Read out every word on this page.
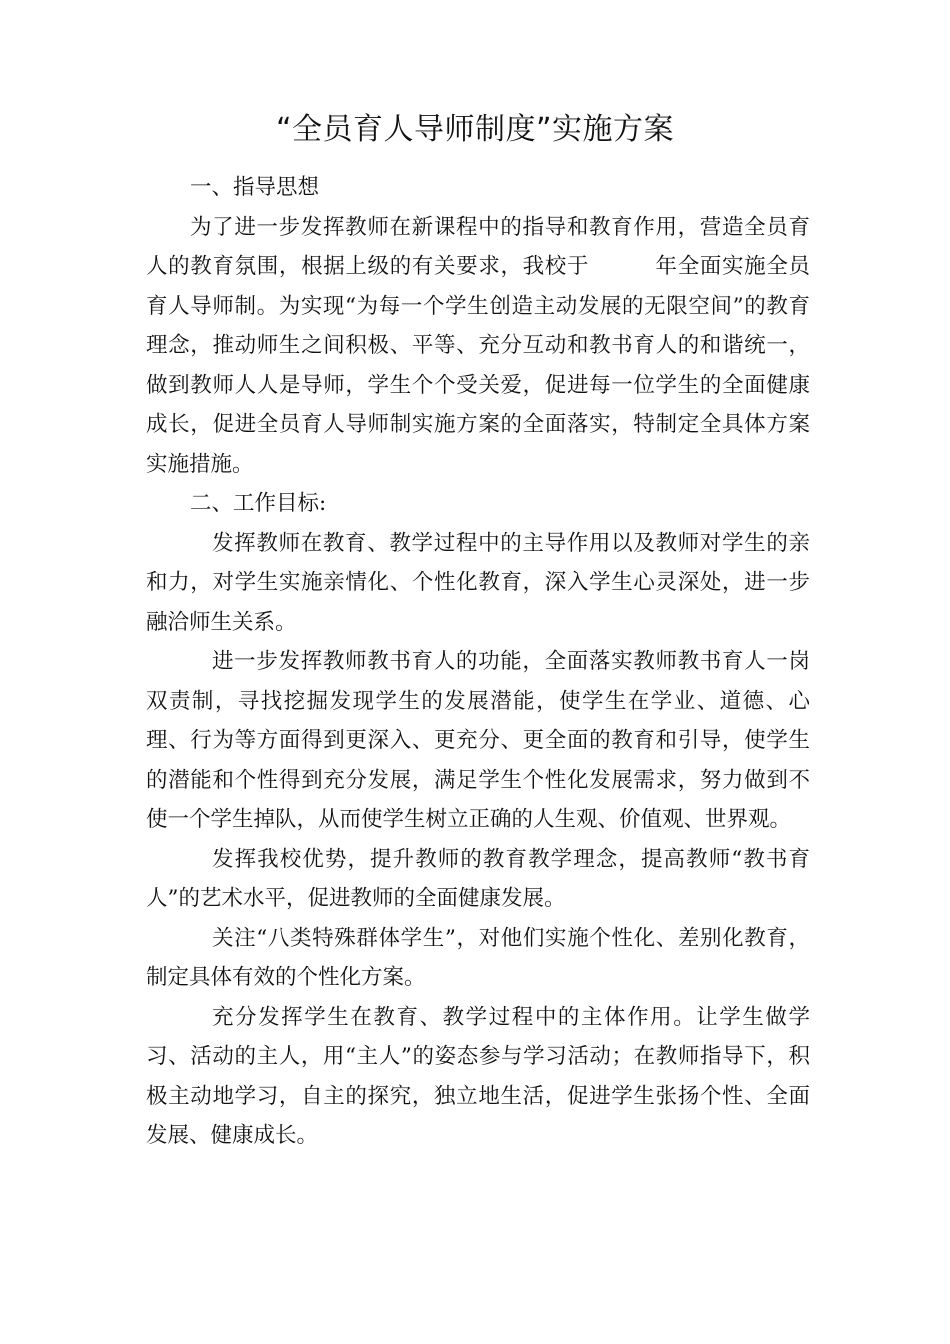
“全员育人导师制度”实施方案

一、指导思想

为了进一步发挥教师在新课程中的指导和教育作用，营造全员育人的教育氛围，根据上级的有关要求，我校于　　　年全面实施全员育人导师制。为实现“为每一个学生创造主动发展的无限空间”的教育理念，推动师生之间积极、平等、充分互动和教书育人的和谐统一，做到教师人人是导师，学生个个受关爱，促进每一位学生的全面健康成长，促进全员育人导师制实施方案的全面落实，特制定全具体方案实施措施。

二、工作目标:

发挥教师在教育、教学过程中的主导作用以及教师对学生的亲和力，对学生实施亲情化、个性化教育，深入学生心灵深处，进一步融洽师生关系。

进一步发挥教师教书育人的功能，全面落实教师教书育人一岗双责制，寻找挖掘发现学生的发展潜能，使学生在学业、道德、心理、行为等方面得到更深入、更充分、更全面的教育和引导，使学生的潜能和个性得到充分发展，满足学生个性化发展需求，努力做到不使一个学生掉队，从而使学生树立正确的人生观、价值观、世界观。

发挥我校优势，提升教师的教育教学理念，提高教师“教书育人”的艺术水平，促进教师的全面健康发展。

关注“八类特殊群体学生”，对他们实施个性化、差别化教育，制定具体有效的个性化方案。

充分发挥学生在教育、教学过程中的主体作用。让学生做学习、活动的主人，用“主人”的姿态参与学习活动；在教师指导下，积极主动地学习，自主的探究，独立地生活，促进学生张扬个性、全面发展、健康成长。
